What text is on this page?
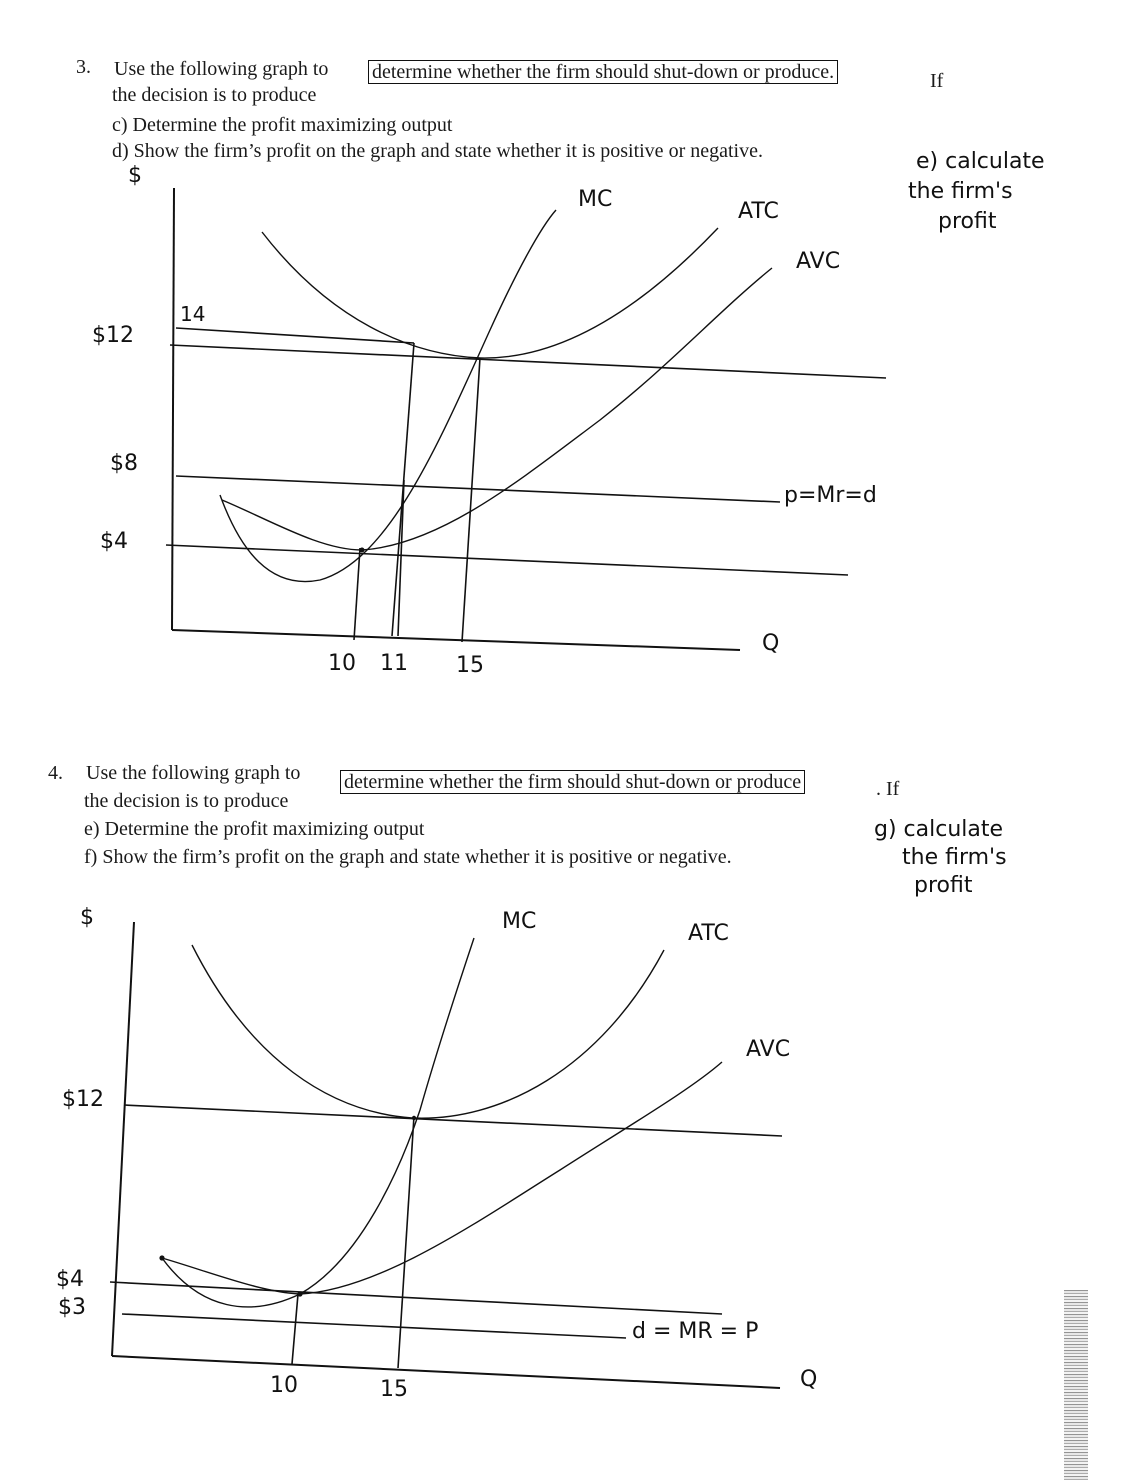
3. Use the following graph to determine whether the firm should shut-down or produce.	If
the decision is to produce
c) Determine the profit maximizing output
d) Show the firm’s profit on the graph and state whether it is positive or negative.	e) calculate
the firm's
profit
$
MC	ATC
AVC
14
$12
$8
$4
p=Mr=d
Q
10 11 15
4. Use the following graph to determine whether the firm should shut-down or produce	. If
the decision is to produce
e) Determine the profit maximizing output
f) Show the firm’s profit on the graph and state whether it is positive or negative.
g) calculate
the firm's
profit
$	MC	ATC
AVC
$12
$4
$3
d = MR = P
Q
10	15
